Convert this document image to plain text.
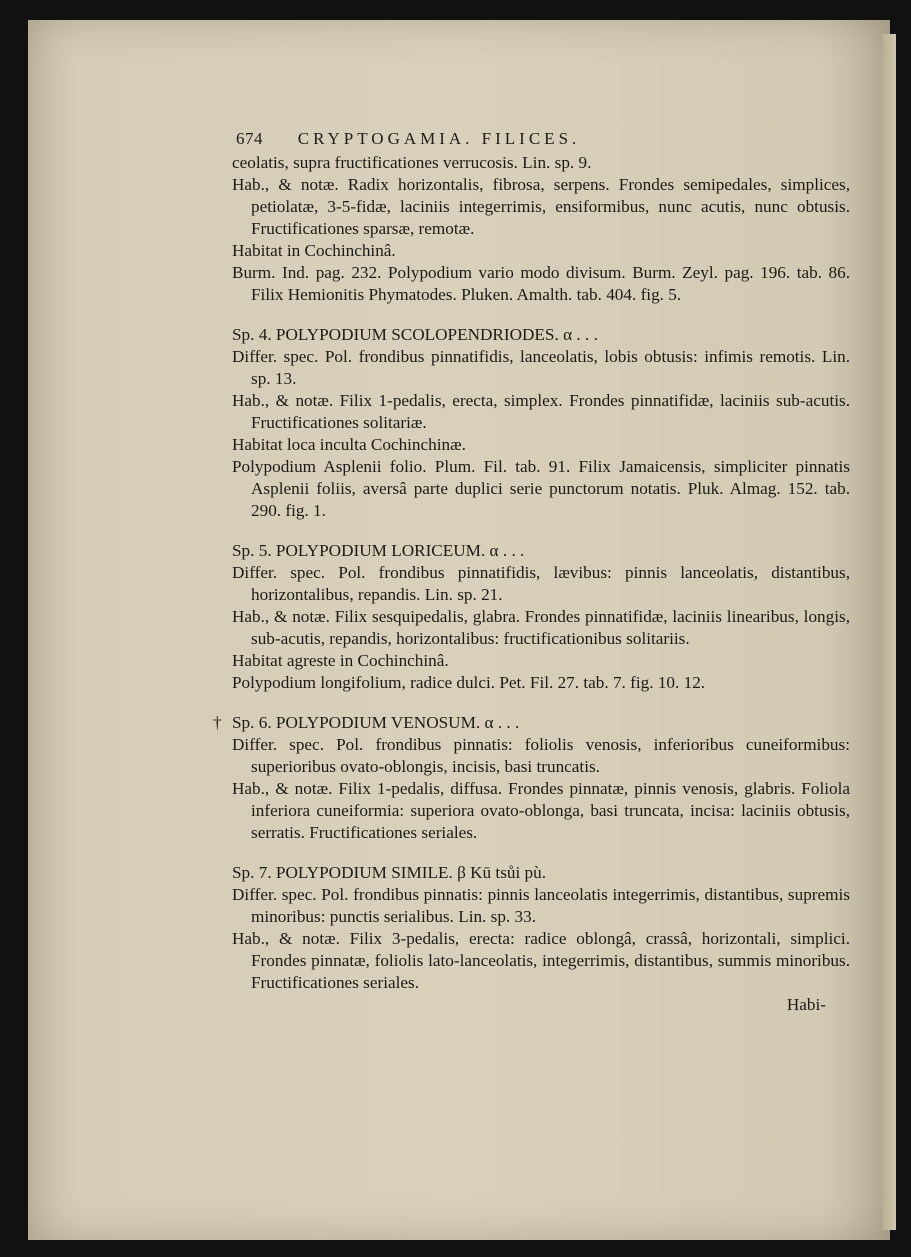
674 CRYPTOGAMIA. FILICES.
ceolatis, supra fructificationes verrucosis. Lin. sp. 9.
Hab., & notæ. Radix horizontalis, fibrosa, serpens. Frondes semipedales, simplices, petiolatæ, 3-5-fidæ, laciniis integerrimis, ensiformibus, nunc acutis, nunc obtusis. Fructificationes sparsæ, remotæ.
Habitat in Cochinchinâ.
Burm. Ind. pag. 232. Polypodium vario modo divisum. Burm. Zeyl. pag. 196. tab. 86. Filix Hemionitis Phymatodes. Pluken. Amalth. tab. 404. fig. 5.
Sp. 4. POLYPODIUM SCOLOPENDRIODES. α . . .
Differ. spec. Pol. frondibus pinnatifidis, lanceolatis, lobis obtusis: infimis remotis. Lin. sp. 13.
Hab., & notæ. Filix 1-pedalis, erecta, simplex. Frondes pinnatifidæ, laciniis sub-acutis. Fructificationes solitariæ.
Habitat loca inculta Cochinchinæ.
Polypodium Asplenii folio. Plum. Fil. tab. 91. Filix Jamaicensis, simpliciter pinnatis Asplenii foliis, aversâ parte duplici serie punctorum notatis. Pluk. Almag. 152. tab. 290. fig. 1.
Sp. 5. POLYPODIUM LORICEUM. α . . .
Differ. spec. Pol. frondibus pinnatifidis, lævibus: pinnis lanceolatis, distantibus, horizontalibus, repandis. Lin. sp. 21.
Hab., & notæ. Filix sesquipedalis, glabra. Frondes pinnatifidæ, laciniis linearibus, longis, sub-acutis, repandis, horizontalibus: fructificationibus solitariis.
Habitat agreste in Cochinchinâ.
Polypodium longifolium, radice dulci. Pet. Fil. 27. tab. 7. fig. 10. 12.
† Sp. 6. POLYPODIUM VENOSUM. α . . .
Differ. spec. Pol. frondibus pinnatis: foliolis venosis, inferioribus cuneiformibus: superioribus ovato-oblongis, incisis, basi truncatis.
Hab., & notæ. Filix 1-pedalis, diffusa. Frondes pinnatæ, pinnis venosis, glabris. Foliola inferiora cuneiformia: superiora ovato-oblonga, basi truncata, incisa: laciniis obtusis, serratis. Fructificationes seriales.
Sp. 7. POLYPODIUM SIMILE. β Kū tsůi pù.
Differ. spec. Pol. frondibus pinnatis: pinnis lanceolatis integerrimis, distantibus, supremis minoribus: punctis serialibus. Lin. sp. 33.
Hab., & notæ. Filix 3-pedalis, erecta: radice oblongâ, crassâ, horizontali, simplici. Frondes pinnatæ, foliolis lato-lanceolatis, integerrimis, distantibus, summis minoribus. Fructificationes seriales.
Habi-
